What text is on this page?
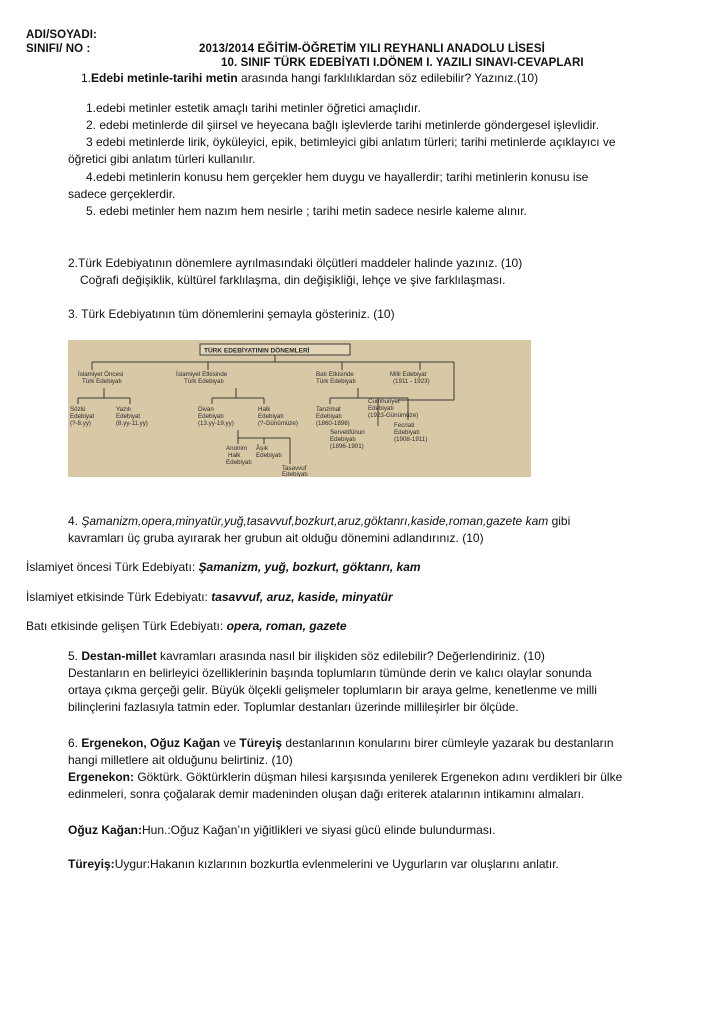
ADI/SOYADI:
SINIFI/ NO :	2013/2014 EĞİTİM-ÖĞRETİM YILI REYHANLI ANADOLU LİSESİ
10. SINIF TÜRK EDEBİYATI I.DÖNEM I. YAZILI SINAVI-CEVAPLARI
1.Edebi metinle-tarihi metin arasında hangi farklılıklardan söz edilebilir? Yazınız.(10)
1.edebi metinler estetik amaçlı tarihi metinler öğretici amaçlıdır.
2. edebi metinlerde dil şiirsel ve heyecana bağlı işlevlerde tarihi metinlerde göndergesel işlevlidir.
3 edebi metinlerde lirik, öyküleyici, epik, betimleyici gibi anlatım türleri; tarihi metinlerde açıklayıcı ve
öğretici gibi anlatım türleri kullanılır.
4.edebi metinlerin konusu hem gerçekler hem duygu ve hayallerdir; tarihi metinlerin konusu ise
sadece gerçeklerdir.
5. edebi metinler hem nazım hem nesirle ; tarihi metin sadece nesirle kaleme alınır.
2.Türk Edebiyatının dönemlere ayrılmasındaki ölçütleri maddeler halinde yazınız. (10)
Coğrafi değişiklik, kültürel farklılaşma, din değişikliği, lehçe ve şive farklılaşması.
3. Türk Edebiyatının tüm dönemlerini şemayla gösteriniz. (10)
TÜRK EDEBİYATININ DÖNEMLERİ
İslamiyet Öncesi
Türk Edebiyatı
İslamiyet Etkisinde
Türk Edebiyatı
Batı Etkisinde
Türk Edebiyatı
Milli Edebiyat
(1911 - 1923)
Sözlü
Edebiyat
(?-8.yy)
Yazılı
Edebiyat
(8.yy-11.yy)
Divan
Edebiyatı
(13.yy-19.yy)
Halk
Edebiyatı
(?-Günümüze)
Anonim
Halk
Edebiyatı
Âşık
Edebiyatı
Tasavvuf
Edebiyatı
Tanzimat
Edebiyatı
(1860-1896)
Servetifünun
Edebiyatı
(1896-1901)
Fecriati
Edebiyatı
(1908-1911)
Cumhuriyet
Edebiyatı
(1923-Günümüze)
4. Şamanizm,opera,minyatür,yuğ,tasavvuf,bozkurt,aruz,göktanrı,kaside,roman,gazete kam gibi
kavramları üç gruba ayırarak her grubun ait olduğu dönemini adlandırınız. (10)
İslamiyet öncesi Türk Edebiyatı: Şamanizm, yuğ, bozkurt, göktanrı, kam
İslamiyet etkisinde Türk Edebiyatı: tasavvuf, aruz, kaside, minyatür
Batı etkisinde gelişen Türk Edebiyatı: opera, roman, gazete
5. Destan-millet kavramları arasında nasıl bir ilişkiden söz edilebilir? Değerlendiriniz. (10)
Destanların en belirleyici özelliklerinin başında toplumların tümünde derin ve kalıcı olaylar sonunda
ortaya çıkma gerçeği gelir. Büyük ölçekli gelişmeler toplumların bir araya gelme, kenetlenme ve milli
bilinçlerini fazlasıyla tatmin eder. Toplumlar destanları üzerinde millileşirler bir ölçüde.
6. Ergenekon, Oğuz Kağan ve Türeyiş destanlarının konularını birer cümleyle yazarak bu destanların
hangi milletlere ait olduğunu belirtiniz. (10)
Ergenekon: Göktürk. Göktürklerin düşman hilesi karşısında yenilerek Ergenekon adını verdikleri bir ülke
edinmeleri, sonra çoğalarak demir madeninden oluşan dağı eriterek atalarının intikamını almaları.
Oğuz Kağan:Hun.:Oğuz Kağan’ın yiğitlikleri ve siyasi gücü elinde bulundurması.
Türeyiş:Uygur:Hakanın kızlarının bozkurtla evlenmelerini ve Uygurların var oluşlarını anlatır.
